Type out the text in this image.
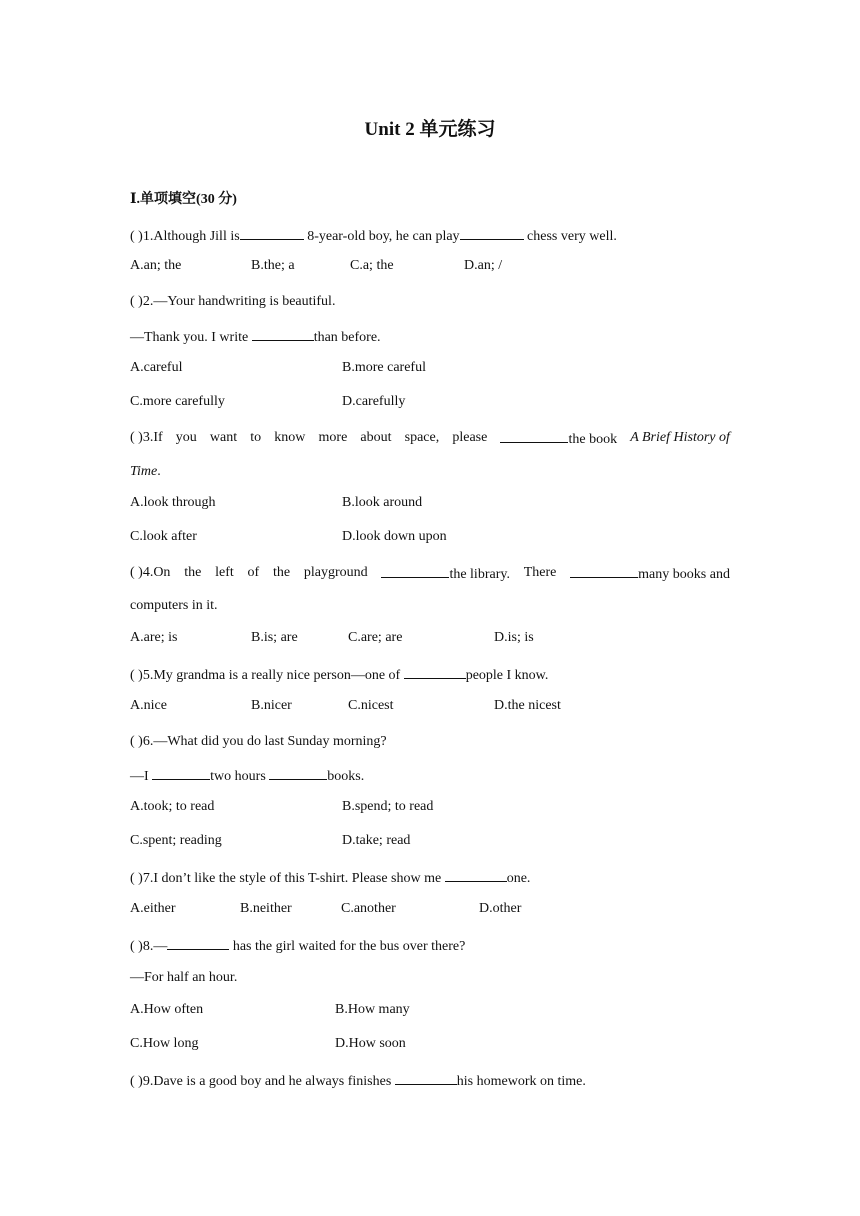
Unit 2 单元练习
Ⅰ.单项填空(30 分)
( )1.Although Jill is	8-year-old boy, he can play	chess very well.
A.an; the	B.the; a	C.a; the	D.an; /
( )2.—Your handwriting is beautiful.
—Thank you. I write	than before.
A.careful	B.more careful
C.more carefully	D.carefully
( )3.If you want to know more about space, please	the book A Brief History of
Time.
A.look through	B.look around
C.look after	D.look down upon
( )4.On the left of the playground	the library. There	many books and
computers in it.
A.are; is	B.is; are	C.are; are	D.is; is
( )5.My grandma is a really nice person—one of	people I know.
A.nice	B.nicer	C.nicest	D.the nicest
( )6.—What did you do last Sunday morning?
—I	two hours	books.
A.took; to read	B.spend; to read
C.spent; reading	D.take; read
( )7.I don’t like the style of this T-shirt. Please show me	one.
A.either	B.neither	C.another	D.other
( )8.—	has the girl waited for the bus over there?
—For half an hour.
A.How often	B.How many
C.How long	D.How soon
( )9.Dave is a good boy and he always finishes	his homework on time.
